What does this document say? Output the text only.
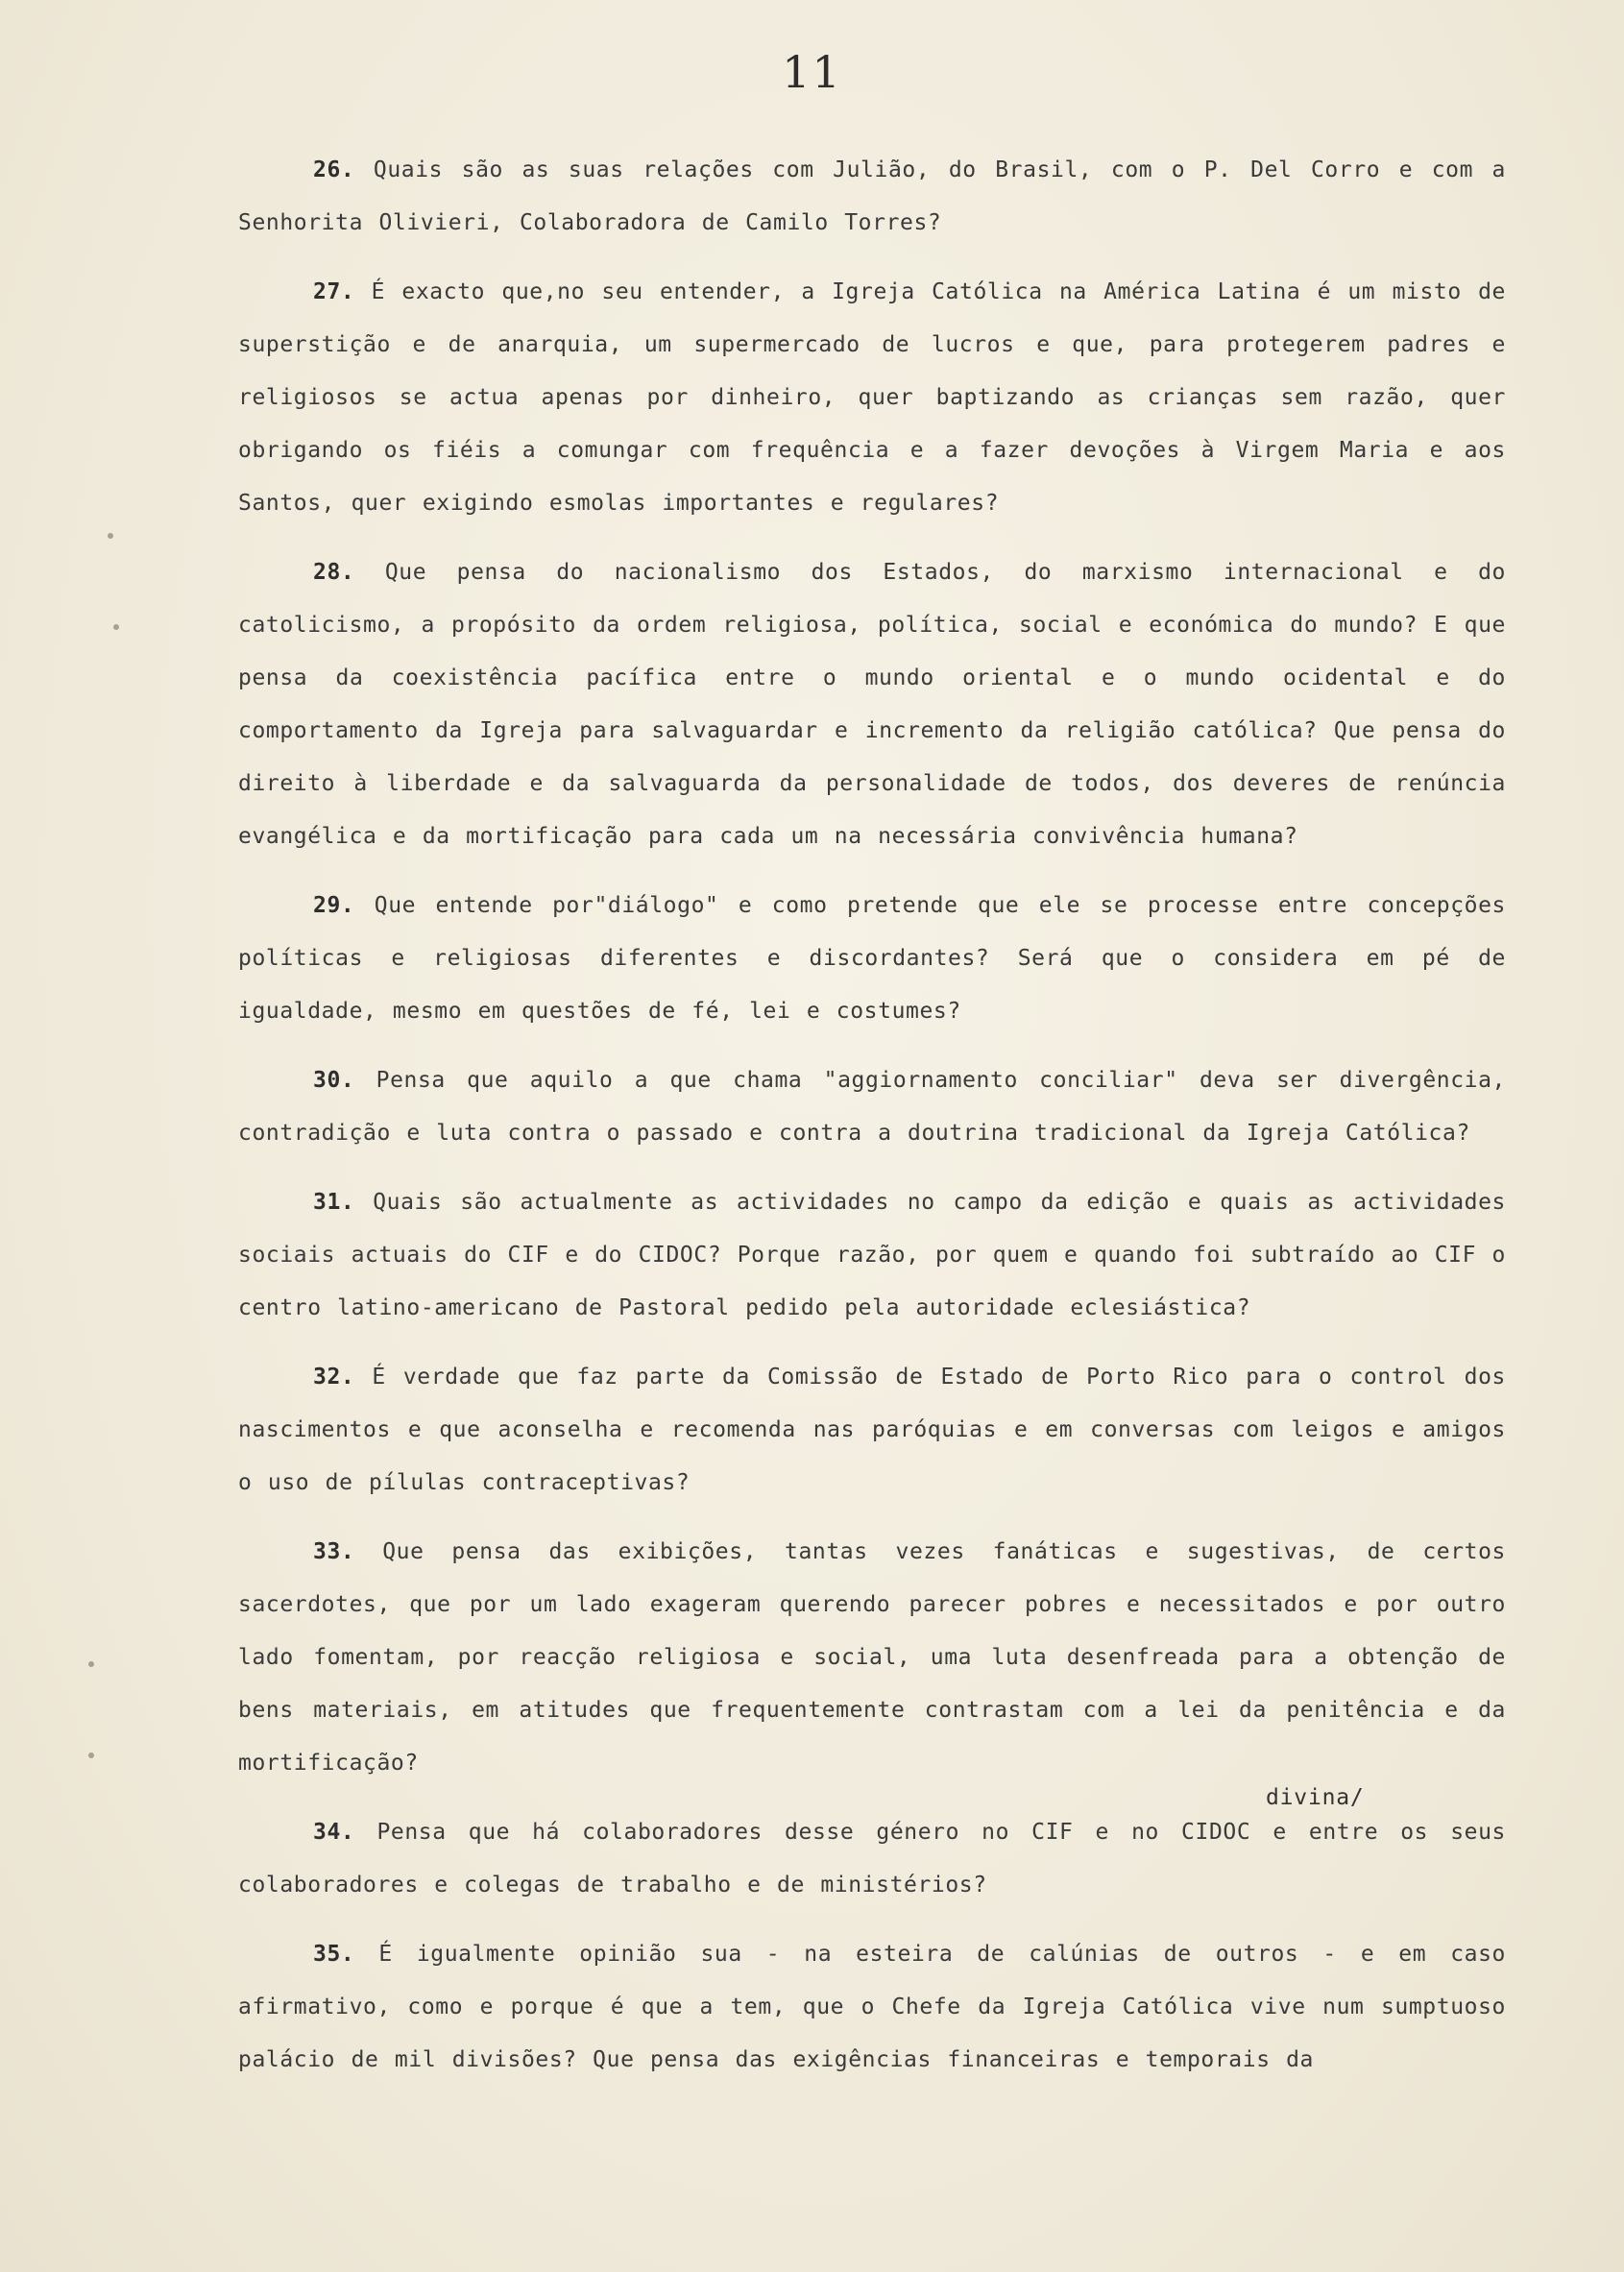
11

26. Quais são as suas relações com Julião, do Brasil, com o P. Del Corro e com a Senhorita Olivieri, Colaboradora de Camilo Torres?

27. É exacto que,no seu entender, a Igreja Católica na América Latina é um misto de superstição e de anarquia, um supermercado de lucros e que, para protegerem padres e religiosos se actua apenas por dinheiro, quer baptizando as crianças sem razão, quer obrigando os fiéis a comungar com frequência e a fazer devoções à Virgem Maria e aos Santos, quer exigindo esmolas importantes e regulares?

28. Que pensa do nacionalismo dos Estados, do marxismo internacional e do catolicismo, a propósito da ordem religiosa, política, social e económica do mundo? E que pensa da coexistência pacífica entre o mundo oriental e o mundo ocidental e do comportamento da Igreja para salvaguardar e incremento da religião católica? Que pensa do direito à liberdade e da salvaguarda da personalidade de todos, dos deveres de renúncia evangélica e da mortificação para cada um na necessária convivência humana?

29. Que entende por"diálogo" e como pretende que ele se processe entre concepções políticas e religiosas diferentes e discordantes? Será que o considera em pé de igualdade, mesmo em questões de fé, lei e costumes?

30. Pensa que aquilo a que chama "aggiornamento conciliar" deva ser divergência, contradição e luta contra o passado e contra a doutrina tradicional da Igreja Católica?

31. Quais são actualmente as actividades no campo da edição e quais as actividades sociais actuais do CIF e do CIDOC? Porque razão, por quem e quando foi subtraído ao CIF o centro latino-americano de Pastoral pedido pela autoridade eclesiástica?

32. É verdade que faz parte da Comissão de Estado de Porto Rico para o control dos nascimentos e que aconselha e recomenda nas paróquias e em conversas com leigos e amigos o uso de pílulas contraceptivas?

33. Que pensa das exibições, tantas vezes fanáticas e sugestivas, de certos sacerdotes, que por um lado exageram querendo parecer pobres e necessitados e por outro lado fomentam, por reacção religiosa e social, uma luta desenfreada para a obtenção de bens materiais, em atitudes que frequentemente contrastam com a lei da penitência e da mortificação?

34. Pensa que há colaboradores desse género no CIF e no CIDOC e entre os seus colaboradores e colegas de trabalho e de ministérios?

35. É igualmente opinião sua - na esteira de calúnias de outros - e em caso afirmativo, como e porque é que a tem, que o Chefe da Igreja Católica vive num sumptuoso palácio de mil divisões? Que pensa das exigências financeiras e temporais da

divina/
